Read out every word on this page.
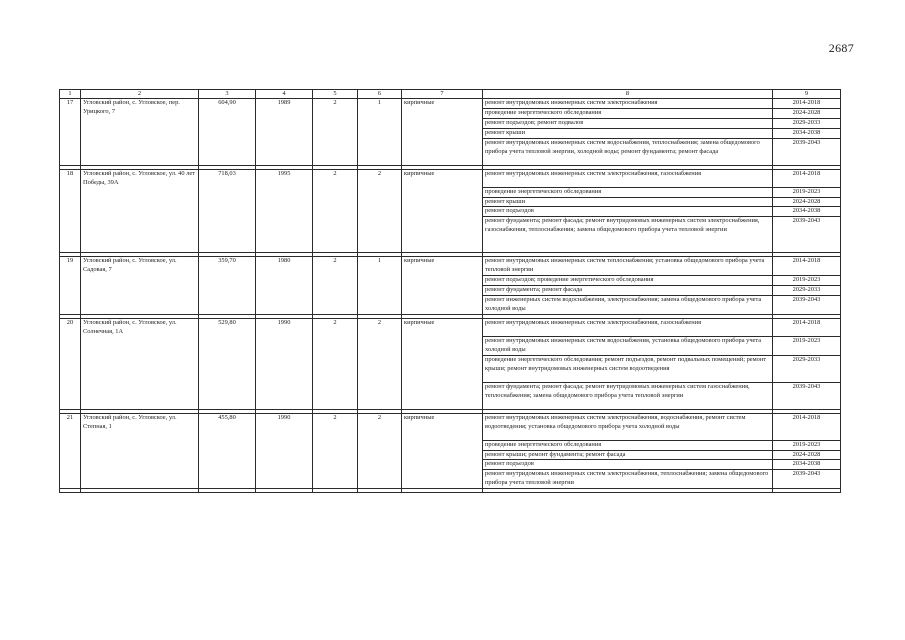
2687
1	2	3	4	5	6	7	8	9
17	Угловский район, с. Угловское, пер. Урицкого, 7	604,90	1989	2	1	кирпичные	ремонт внутридомовых инженерных систем электроснабжения	2014-2018
							проведение энергетического обследования	2024-2028
							ремонт подъездов; ремонт подвалов	2029-2033
							ремонт крыши	2034-2038
							ремонт внутридомовых инженерных систем водоснабжения, теплоснабжения; замена общедомового прибора учета тепловой энергии, холодной воды; ремонт фундамента; ремонт фасада	2039-2043

18	Угловский район, с. Угловское, ул. 40 лет Победы, 39А	718,03	1995	2	2	кирпичные	ремонт внутридомовых инженерных систем электроснабжения, газоснабжения	2014-2018
							проведение энергетического обследования	2019-2023
							ремонт крыши	2024-2028
							ремонт подъездов	2034-2038
							ремонт фундамента; ремонт фасада; ремонт внутридомовых инженерных систем электроснабжения, газоснабжения, теплоснабжения; замена общедомового прибора учета тепловой энергии	2039-2043

19	Угловский район, с. Угловское, ул. Садовая, 7	359,70	1980	2	1	кирпичные	ремонт внутридомовых инженерных систем теплоснабжения; установка общедомового прибора учета тепловой энергии	2014-2018
							ремонт подъездов; проведение энергетического обследования	2019-2023
							ремонт фундамента; ремонт фасада	2029-2033
							ремонт инженерных систем водоснабжения, электроснабжения; замена общедомового прибора учета холодной воды	2039-2043

20	Угловский район, с. Угловское, ул. Солнечная, 1А	529,80	1990	2	2	кирпичные	ремонт внутридомовых инженерных систем электроснабжения, газоснабжения	2014-2018
							ремонт внутридомовых инженерных систем водоснабжения, установка общедомового прибора учета холодной воды	2019-2023
							проведение энергетического обследования; ремонт подъездов, ремонт подвальных помещений; ремонт крыши; ремонт внутридомовых инженерных систем водоотведения	2029-2033
							ремонт фундамента; ремонт фасада; ремонт внутридомовых инженерных систем газоснабжения, теплоснабжения; замена общедомового прибора учета тепловой энергии	2039-2043

21	Угловский район, с. Угловское, ул. Степная, 1	455,80	1990	2	2	кирпичные	ремонт внутридомовых инженерных систем электроснабжения, водоснабжения, ремонт систем водоотведения; установка общедомового прибора учета холодной воды	2014-2018
							проведение энергетического обследования	2019-2023
							ремонт крыши; ремонт фундамента; ремонт фасада	2024-2028
							ремонт подъездов	2034-2038
							ремонт внутридомовых инженерных систем электроснабжения, теплоснабжения; замена общедомового прибора учета тепловой энергии	2039-2043
